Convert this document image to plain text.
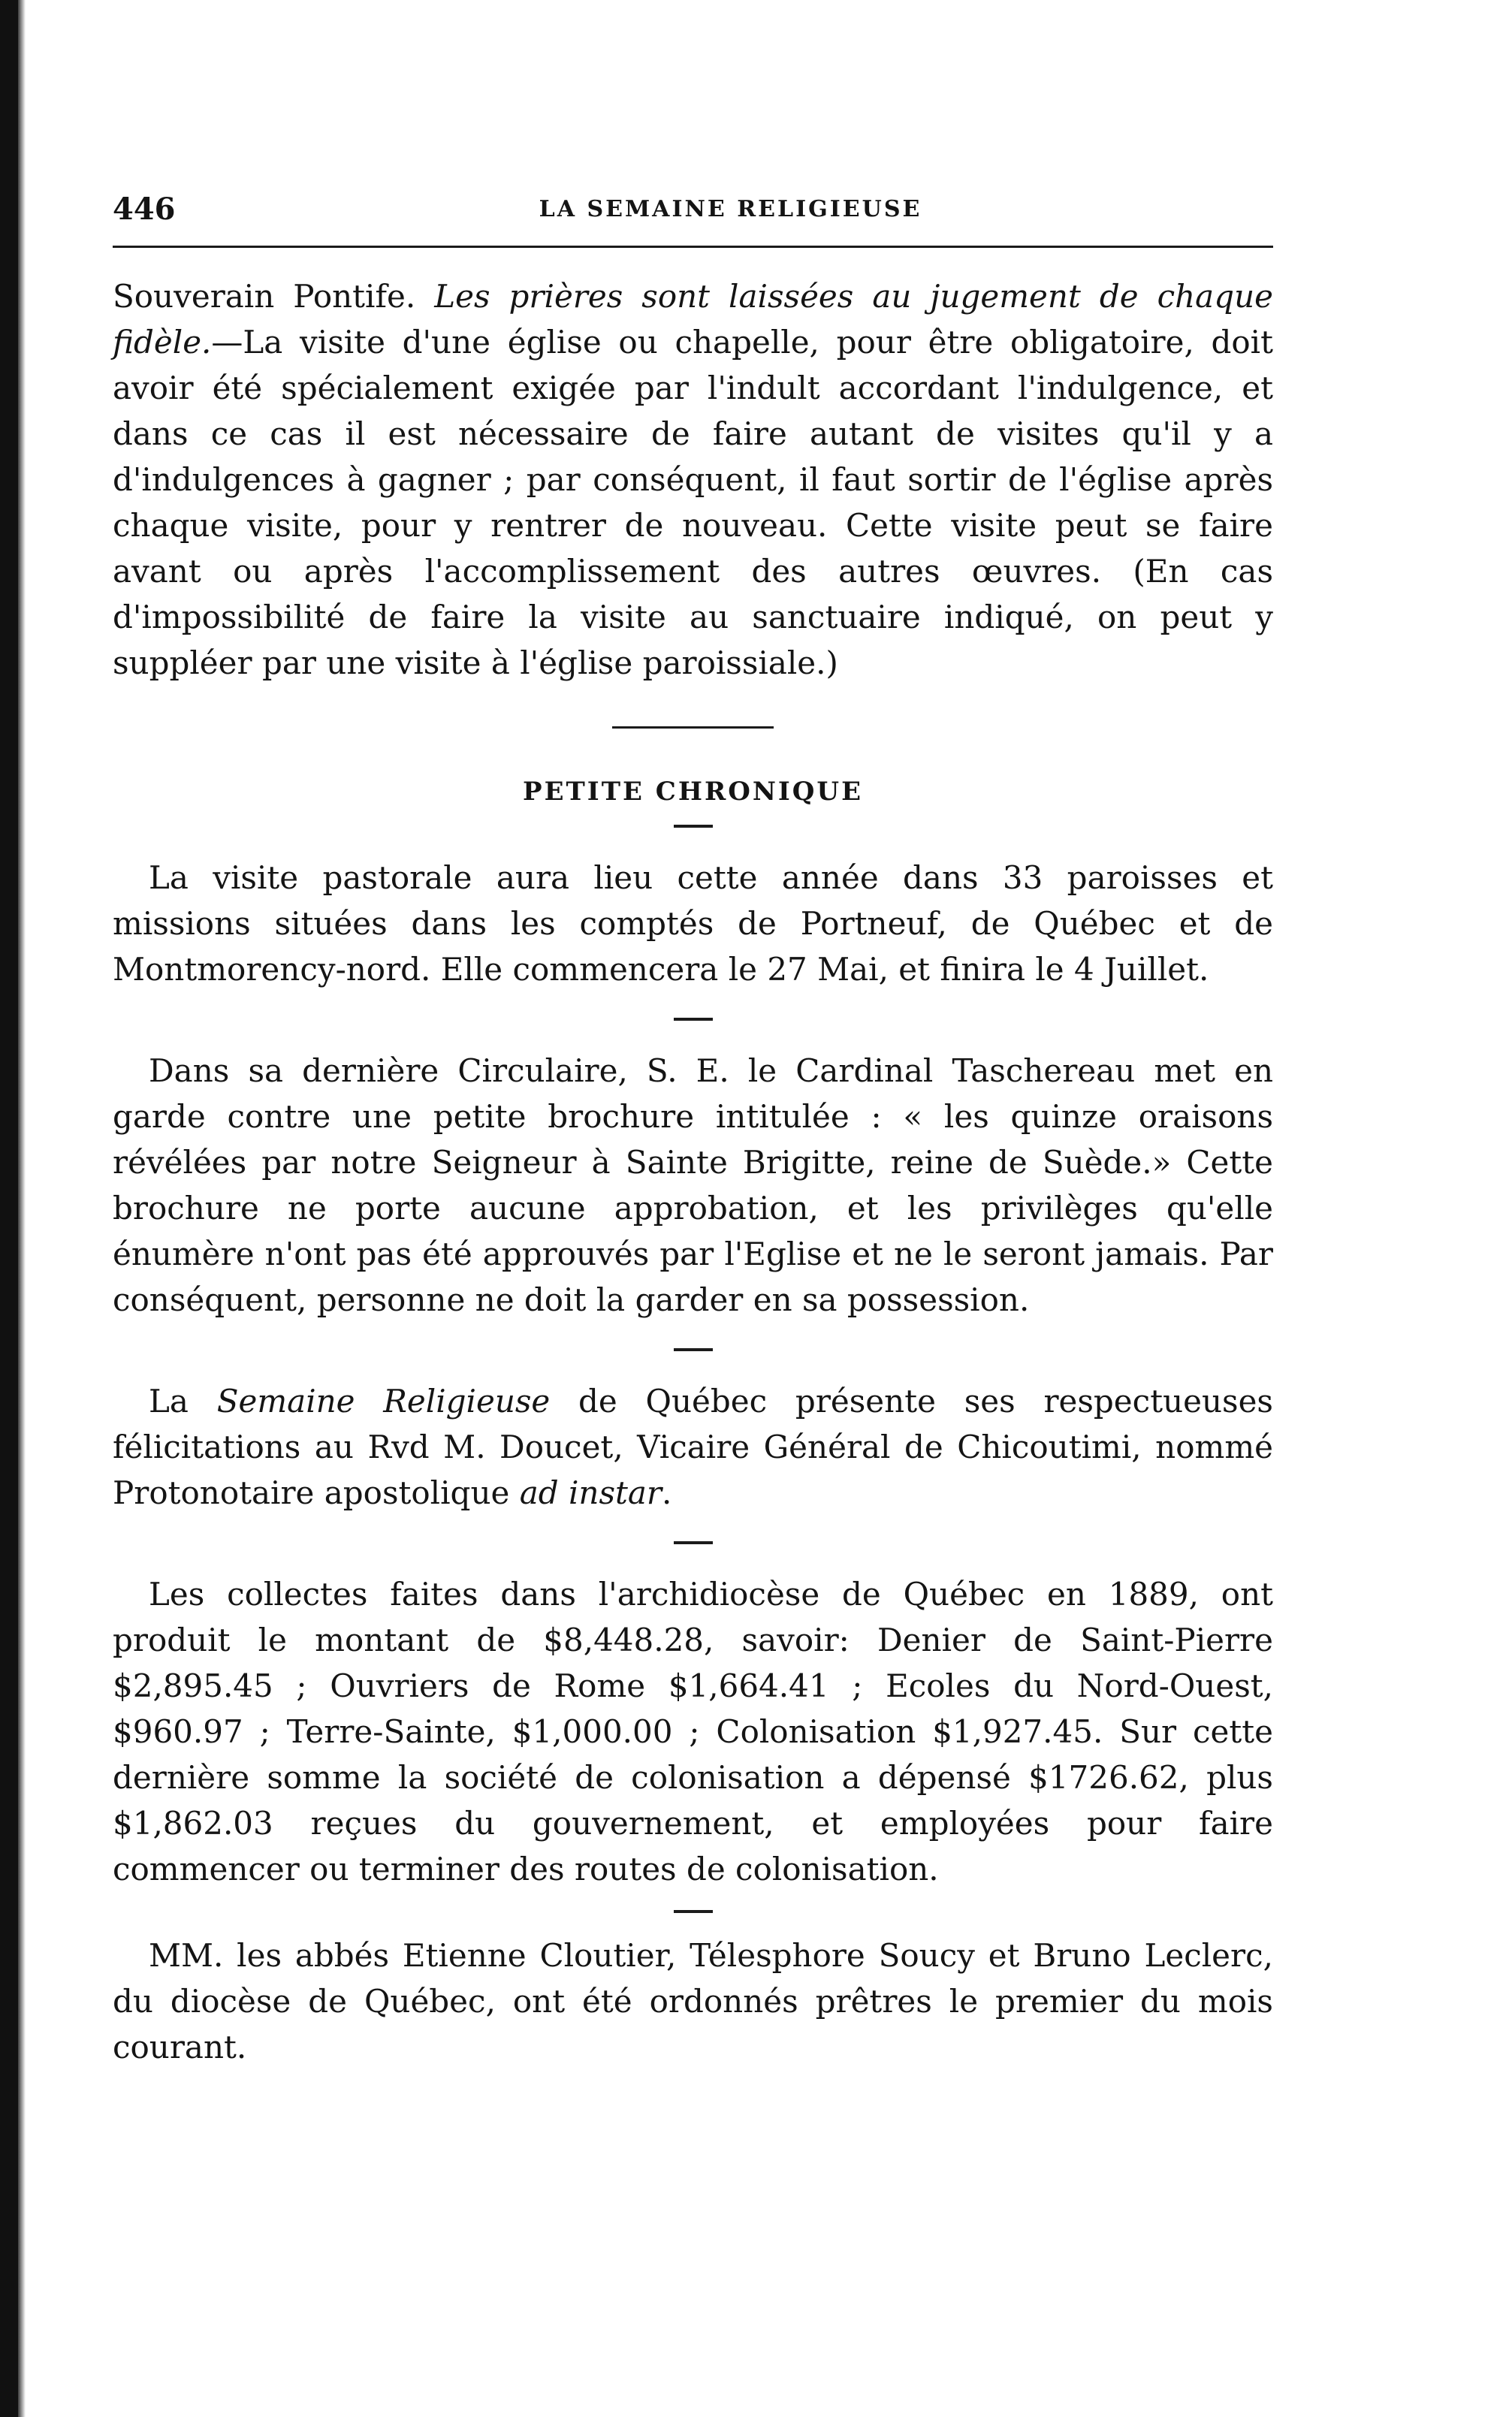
446	LA SEMAINE RELIGIEUSE

Souverain Pontife. Les prières sont laissées au jugement de chaque fidèle.—La visite d'une église ou chapelle, pour être obligatoire, doit avoir été spécialement exigée par l'indult accordant l'indulgence, et dans ce cas il est nécessaire de faire autant de visites qu'il y a d'indulgences à gagner ; par conséquent, il faut sortir de l'église après chaque visite, pour y rentrer de nouveau. Cette visite peut se faire avant ou après l'accomplissement des autres œuvres. (En cas d'impossibilité de faire la visite au sanctuaire indiqué, on peut y suppléer par une visite à l'église paroissiale.)

PETITE CHRONIQUE

La visite pastorale aura lieu cette année dans 33 paroisses et missions situées dans les comptés de Portneuf, de Québec et de Montmorency-nord. Elle commencera le 27 Mai, et finira le 4 Juillet.

Dans sa dernière Circulaire, S. E. le Cardinal Taschereau met en garde contre une petite brochure intitulée : « les quinze oraisons révélées par notre Seigneur à Sainte Brigitte, reine de Suède.» Cette brochure ne porte aucune approbation, et les privilèges qu'elle énumère n'ont pas été approuvés par l'Eglise et ne le seront jamais. Par conséquent, personne ne doit la garder en sa possession.

La Semaine Religieuse de Québec présente ses respectueuses félicitations au Rvd M. Doucet, Vicaire Général de Chicoutimi, nommé Protonotaire apostolique ad instar.

Les collectes faites dans l'archidiocèse de Québec en 1889, ont produit le montant de $8,448.28, savoir: Denier de Saint-Pierre $2,895.45 ; Ouvriers de Rome $1,664.41 ; Ecoles du Nord-Ouest, $960.97 ; Terre-Sainte, $1,000.00 ; Colonisation $1,927.45. Sur cette dernière somme la société de colonisation a dépensé $1726.62, plus $1,862.03 reçues du gouvernement, et employées pour faire commencer ou terminer des routes de colonisation.

MM. les abbés Etienne Cloutier, Télesphore Soucy et Bruno Leclerc, du diocèse de Québec, ont été ordonnés prêtres le premier du mois courant.
